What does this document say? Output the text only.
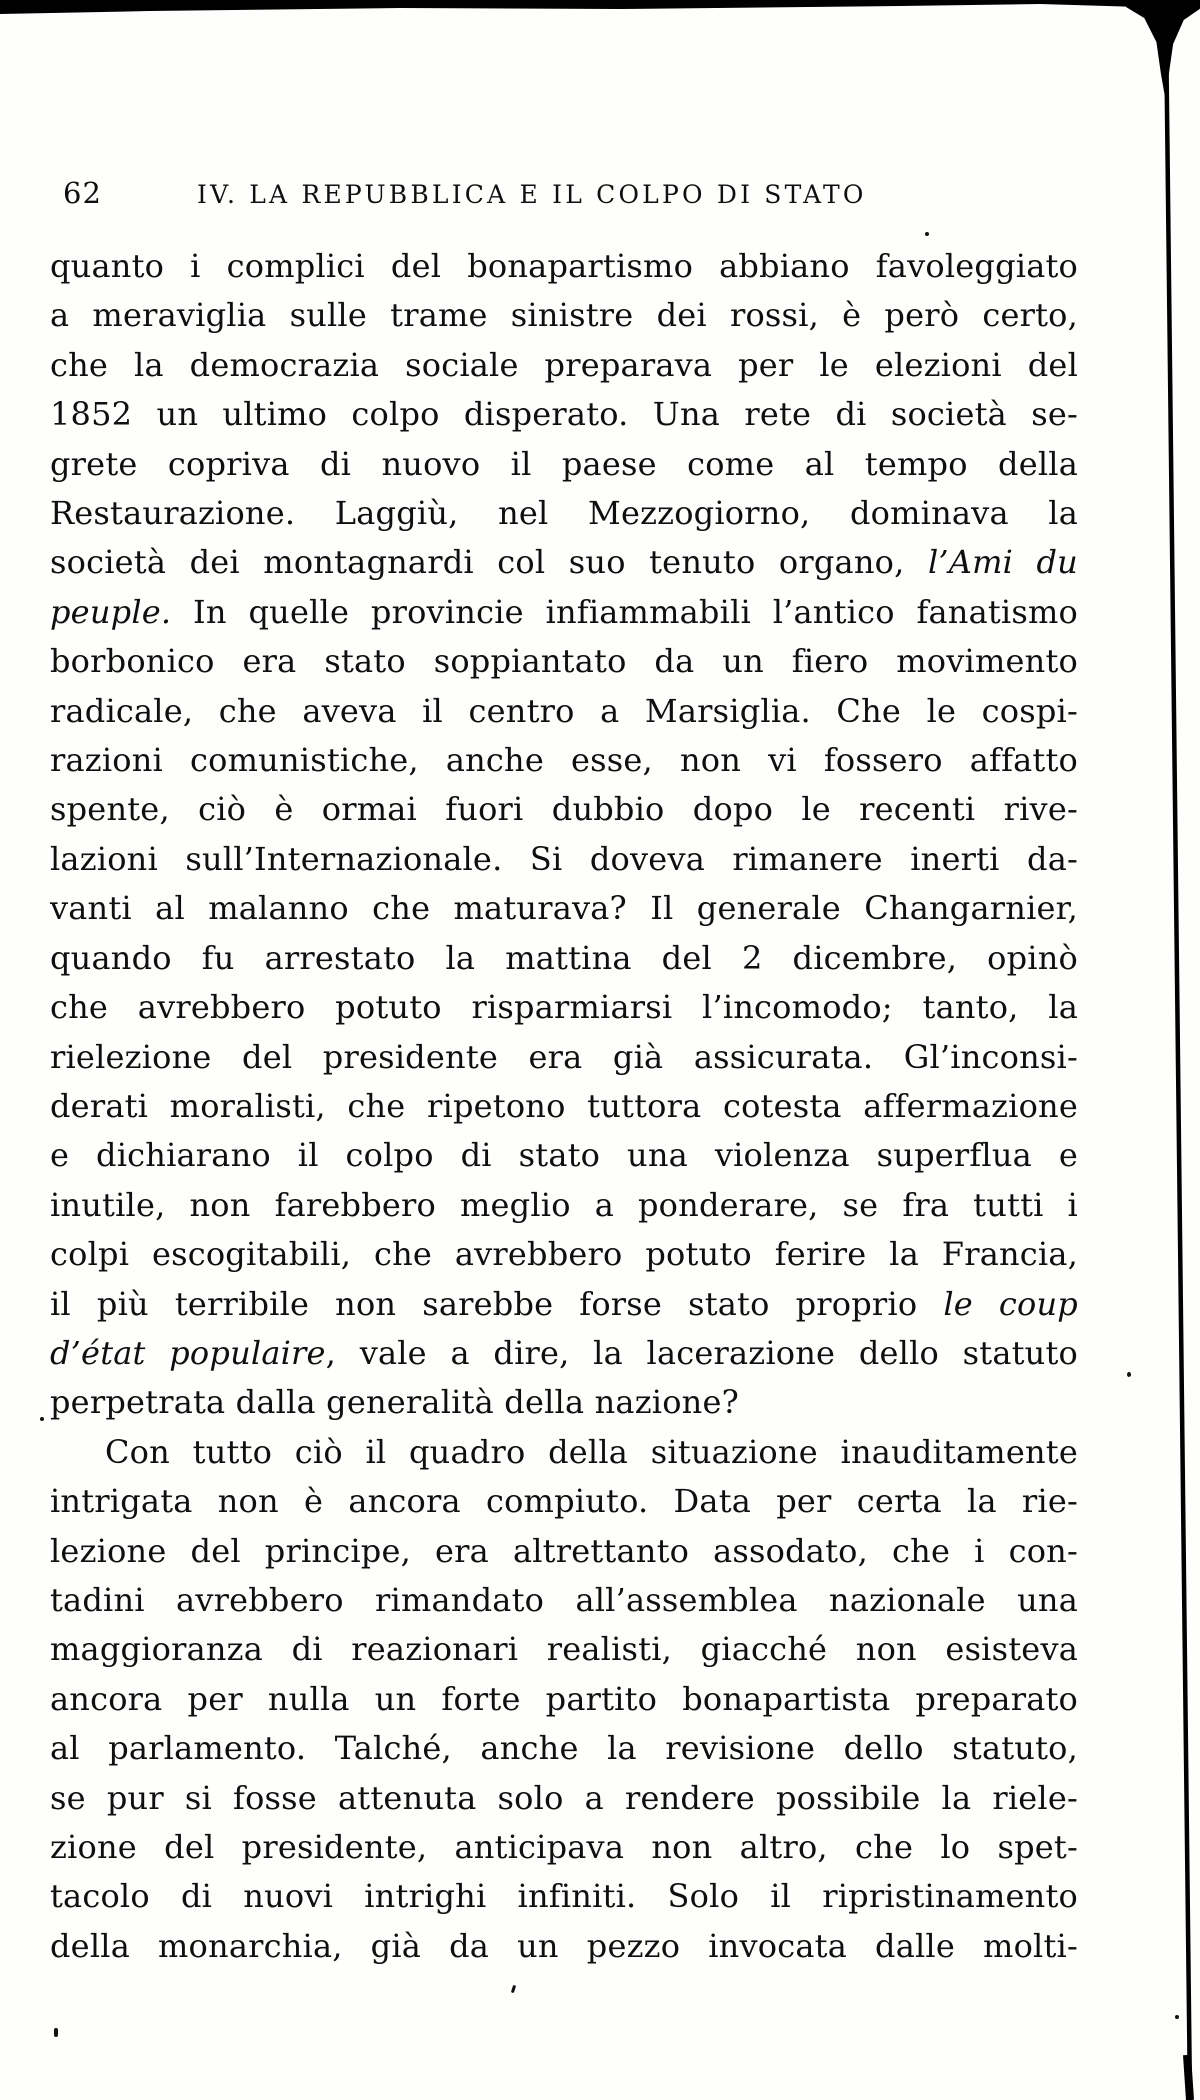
62	IV. LA REPUBBLICA E IL COLPO DI STATO
quanto i complici del bonapartismo abbiano favoleggiato
a meraviglia sulle trame sinistre dei rossi, è però certo,
che la democrazia sociale preparava per le elezioni del
1852 un ultimo colpo disperato. Una rete di società se-
grete copriva di nuovo il paese come al tempo della
Restaurazione. Laggiù, nel Mezzogiorno, dominava la
società dei montagnardi col suo tenuto organo, l’Ami du
peuple. In quelle provincie infiammabili l’antico fanatismo
borbonico era stato soppiantato da un fiero movimento
radicale, che aveva il centro a Marsiglia. Che le cospi-
razioni comunistiche, anche esse, non vi fossero affatto
spente, ciò è ormai fuori dubbio dopo le recenti rive-
lazioni sull’Internazionale. Si doveva rimanere inerti da-
vanti al malanno che maturava? Il generale Changarnier,
quando fu arrestato la mattina del 2 dicembre, opinò
che avrebbero potuto risparmiarsi l’incomodo; tanto, la
rielezione del presidente era già assicurata. Gl’inconsi-
derati moralisti, che ripetono tuttora cotesta affermazione
e dichiarano il colpo di stato una violenza superflua e
inutile, non farebbero meglio a ponderare, se fra tutti i
colpi escogitabili, che avrebbero potuto ferire la Francia,
il più terribile non sarebbe forse stato proprio le coup
d’état populaire, vale a dire, la lacerazione dello statuto
perpetrata dalla generalità della nazione?
Con tutto ciò il quadro della situazione inauditamente
intrigata non è ancora compiuto. Data per certa la rie-
lezione del principe, era altrettanto assodato, che i con-
tadini avrebbero rimandato all’assemblea nazionale una
maggioranza di reazionari realisti, giacché non esisteva
ancora per nulla un forte partito bonapartista preparato
al parlamento. Talché, anche la revisione dello statuto,
se pur si fosse attenuta solo a rendere possibile la riele-
zione del presidente, anticipava non altro, che lo spet-
tacolo di nuovi intrighi infiniti. Solo il ripristinamento
della monarchia, già da un pezzo invocata dalle molti-
